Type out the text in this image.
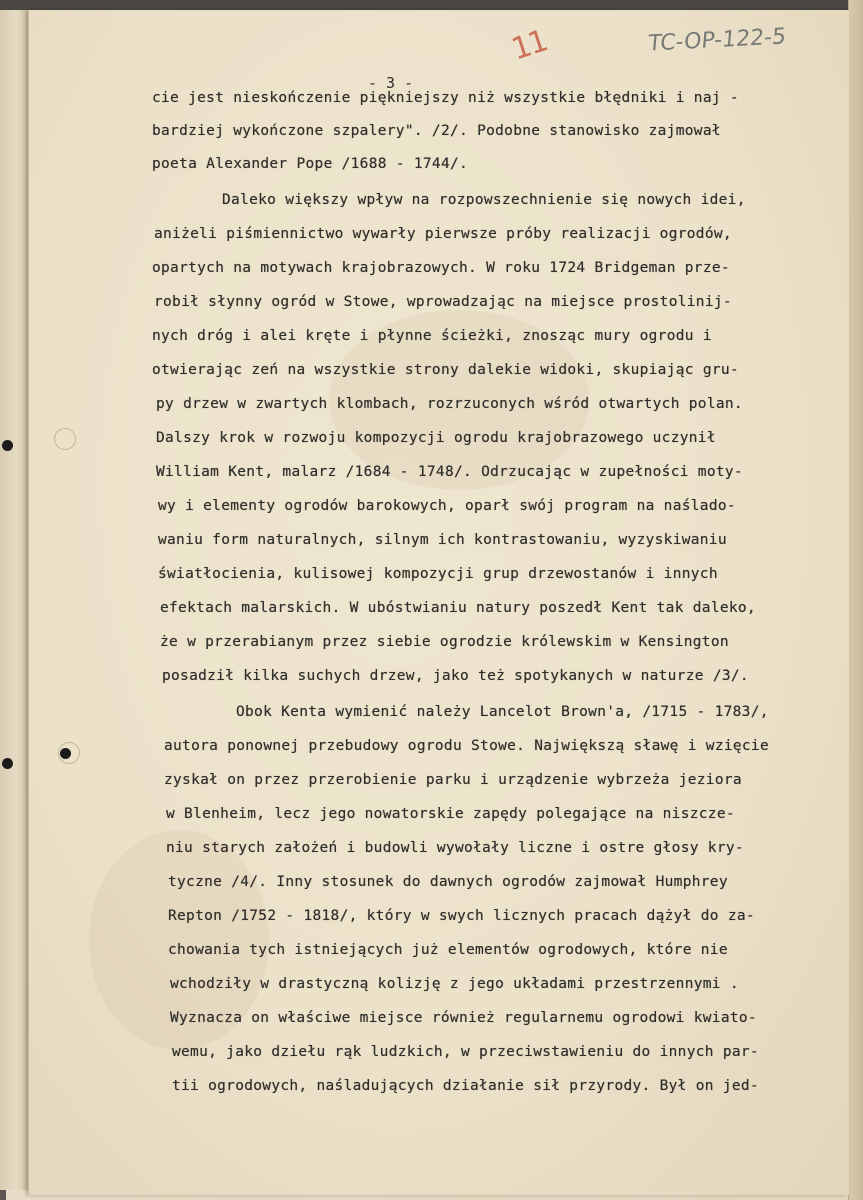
11	TC-OP-122-5
- 3 -
cie jest nieskończenie piękniejszy niż wszystkie błędniki i naj -
bardziej wykończone szpalery". /2/. Podobne stanowisko zajmował
poeta Alexander Pope /1688 - 1744/.
Daleko większy wpływ na rozpowszechnienie się nowych idei,
aniżeli piśmiennictwo wywarły pierwsze próby realizacji ogrodów,
opartych na motywach krajobrazowych. W roku 1724 Bridgeman prze-
robił słynny ogród w Stowe, wprowadzając na miejsce prostolinij-
nych dróg i alei kręte i płynne ścieżki, znosząc mury ogrodu i
otwierając zeń na wszystkie strony dalekie widoki, skupiając gru-
py drzew w zwartych klombach, rozrzuconych wśród otwartych polan.
Dalszy krok w rozwoju kompozycji ogrodu krajobrazowego uczynił
William Kent, malarz /1684 - 1748/. Odrzucając w zupełności moty-
wy i elementy ogrodów barokowych, oparł swój program na naślado-
waniu form naturalnych, silnym ich kontrastowaniu, wyzyskiwaniu
światłocienia, kulisowej kompozycji grup drzewostanów i innych
efektach malarskich. W ubóstwianiu natury poszedł Kent tak daleko,
że w przerabianym przez siebie ogrodzie królewskim w Kensington
posadził kilka suchych drzew, jako też spotykanych w naturze /3/.
Obok Kenta wymienić należy Lancelot Brown'a, /1715 - 1783/,
autora ponownej przebudowy ogrodu Stowe. Największą sławę i wzięcie
zyskał on przez przerobienie parku i urządzenie wybrzeża jeziora
w Blenheim, lecz jego nowatorskie zapędy polegające na niszcze-
niu starych założeń i budowli wywołały liczne i ostre głosy kry-
tyczne /4/. Inny stosunek do dawnych ogrodów zajmował Humphrey
Repton /1752 - 1818/, który w swych licznych pracach dążył do za-
chowania tych istniejących już elementów ogrodowych, które nie
wchodziły w drastyczną kolizję z jego układami przestrzennymi .
Wyznacza on właściwe miejsce również regularnemu ogrodowi kwiato-
wemu, jako dziełu rąk ludzkich, w przeciwstawieniu do innych par-
tii ogrodowych, naśladujących działanie sił przyrody. Był on jed-
